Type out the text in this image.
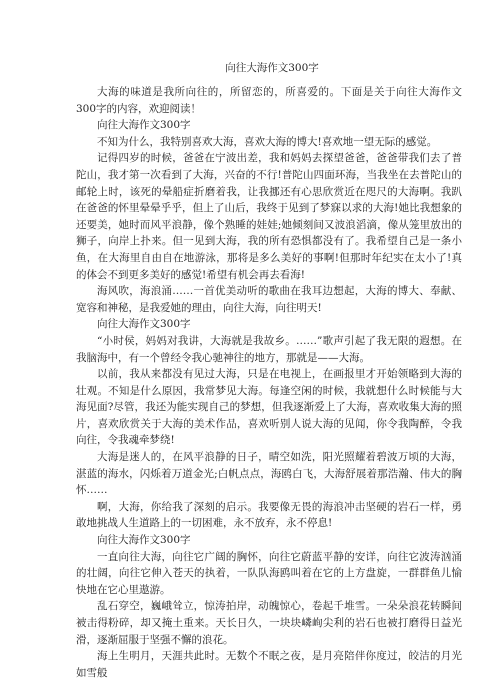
向往大海作文300字

大海的味道是我所向往的，所留恋的，所喜爱的。下面是关于向往大海作文300字的内容，欢迎阅读！

向往大海作文300字

不知为什么，我特别喜欢大海，喜欢大海的博大!喜欢地一望无际的感觉。

记得四岁的时候，爸爸在宁波出差，我和妈妈去探望爸爸，爸爸带我们去了普陀山，我才第一次看到了大海，兴奋的不行!普陀山四面环海，当我坐在去普陀山的邮轮上时，该死的晕船症折磨着我，让我挪还有心思欣赏近在咫尺的大海啊。我趴在爸爸的怀里晕晕乎乎，但上了山后，我终于见到了梦寐以求的大海!她比我想象的还要美，她时而风平浪静，像个熟睡的娃娃;她倾刻间又波浪滔滴，像从笼里放出的狮子，向岸上扑来。但一见到大海，我的所有恐惧都没有了。我希望自己是一条小鱼，在大海里自由自在地游泳，那将是多么美好的事啊!但那时年纪实在太小了!真的体会不到更多美好的感觉!希望有机会再去看海!

海风吹，海浪涌……一首优美动听的歌曲在我耳边想起，大海的博大、奉献、宽容和神秘，是我爱她的理由，向往大海，向往明天!

向往大海作文300字

“小时侯，妈妈对我讲，大海就是我故乡。……”歌声引起了我无限的遐想。在我脑海中，有一个曾经令我心驰神往的地方，那就是——大海。

以前，我从来都没有见过大海，只是在电视上，在画报里才开始领略到大海的壮观。不知是什么原因，我常梦见大海。每逢空闲的时候，我就想什么时候能与大海见面?尽管，我还为能实现自己的梦想，但我逐渐爱上了大海，喜欢收集大海的照片，喜欢欣赏关于大海的美术作品，喜欢听别人说大海的见闻，你令我陶醉，令我向往，令我魂牵梦绕!

大海是迷人的，在风平浪静的日子，晴空如洗，阳光照耀着碧波万顷的大海，湛蓝的海水，闪烁着万道金光;白帆点点，海鸥白飞，大海舒展着那浩瀚、伟大的胸怀……

啊，大海，你给我了深刻的启示。我要像无畏的海浪冲击坚硬的岩石一样，勇敢地挑战人生道路上的一切困难，永不放弃，永不停息!

向往大海作文300字

一直向往大海，向往它广阔的胸怀，向往它蔚蓝平静的安详，向往它波涛汹涌的壮阔，向往它伸入苍天的执着，一队队海鸥叫着在它的上方盘旋，一群群鱼儿愉快地在它心里遨游。

乱石穿空，巍峨耸立，惊涛拍岸，动魄惊心，卷起千堆雪。一朵朵浪花转瞬间被击得粉碎，却又掩土重来。天长日久，一块块嶙峋尖利的岩石也被打磨得日益光滑，逐渐屈服于坚强不懈的浪花。

海上生明月，天涯共此时。无数个不眠之夜，是月亮陪伴你度过，皎洁的月光如雪般
